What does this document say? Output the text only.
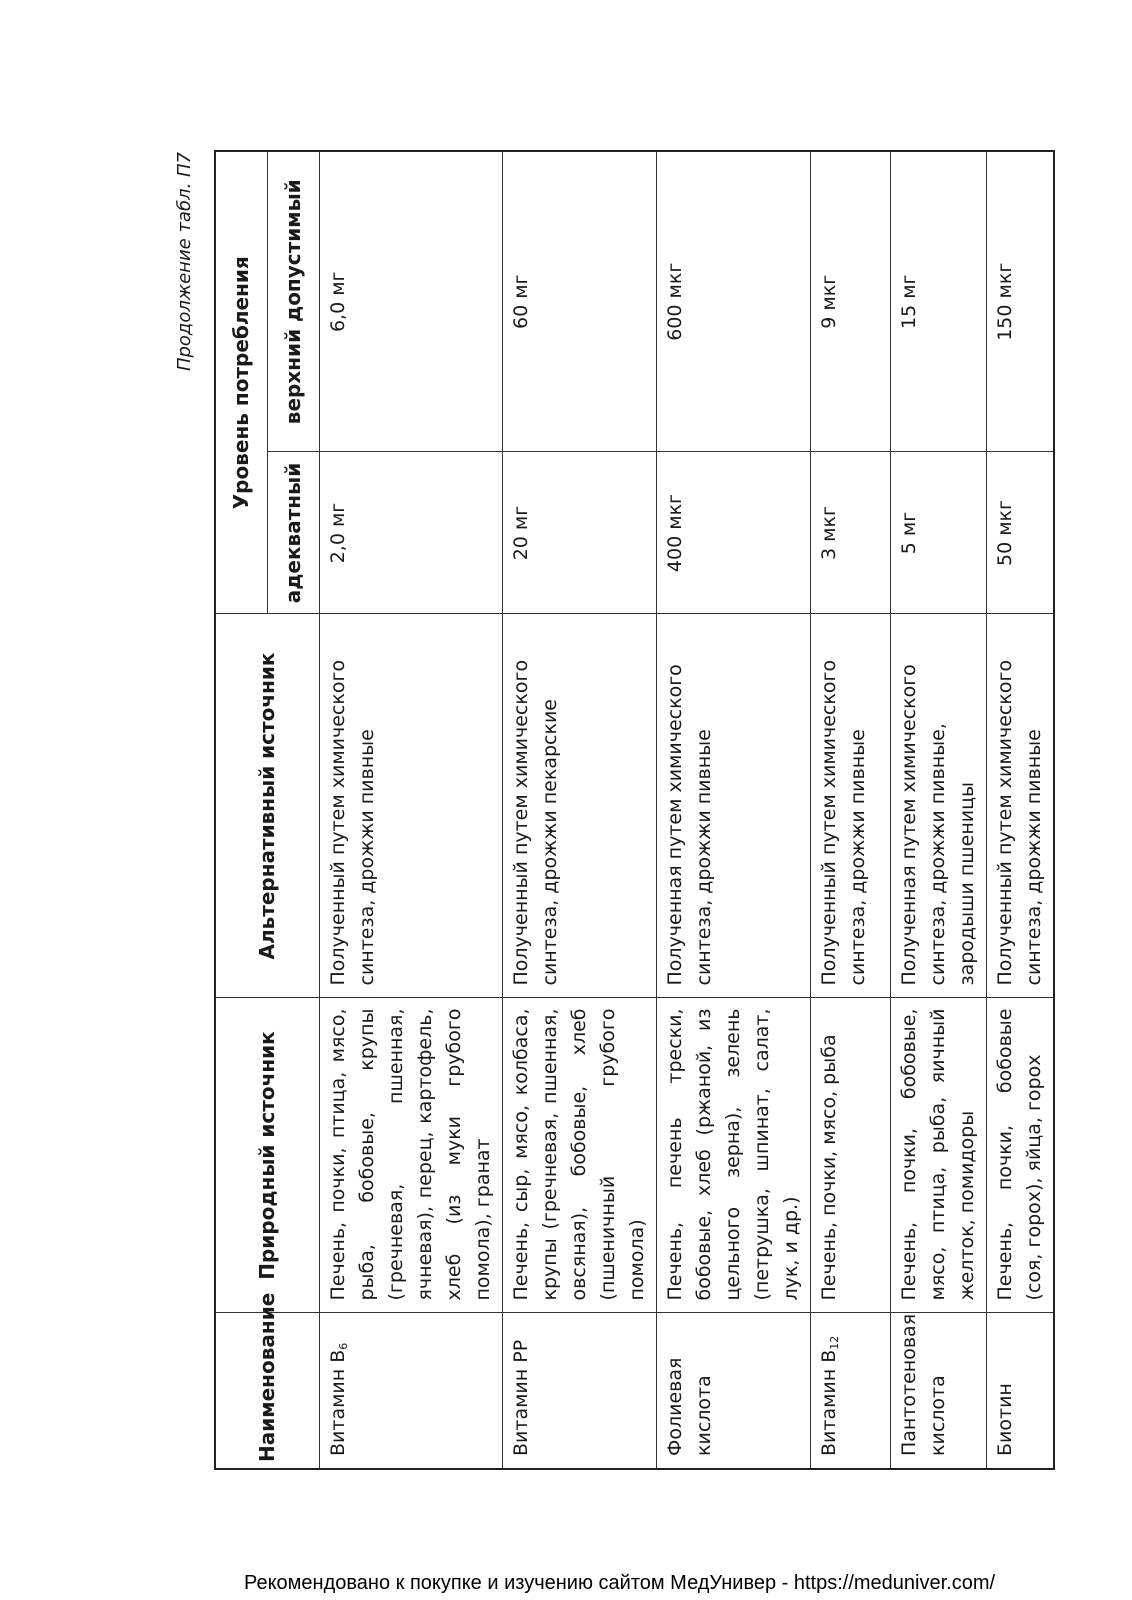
Продолжение табл. П7
Наименование	Природный источник	Альтернативный источник	Уровень потребления	
			адекватный	верхний допустимый
Витамин $B_6$	Печень, почки, птица, мясо, рыба, бобовые, крупы (гречневая, пшенная, ячневая), перец, картофель, хлеб (из муки грубого помола), гранат	Полученный путем химического синтеза, дрожжи пивные	2,0 мг	6,0 мг
Витамин PP	Печень, сыр, мясо, колбаса, крупы (гречневая, пшенная, овсяная), бобовые, хлеб (пшеничный грубого помола)	Полученный путем химического синтеза, дрожжи пекарские	20 мг	60 мг
Фолиевая кислота	Печень, печень трески, бобовые, хлеб (ржаной, из цельного зерна), зелень (петрушка, шпинат, салат, лук, и др.)	Полученная путем химического синтеза, дрожжи пивные	400 мкг	600 мкг
Витамин $B_{12}$	Печень, почки, мясо, рыба	Полученный путем химического синтеза, дрожжи пивные	3 мкг	9 мкг
Пантотеновая кислота	Печень, почки, бобовые, мясо, птица, рыба, яичный желток, помидоры	Полученная путем химического синтеза, дрожжи пивные, зародыши пшеницы	5 мг	15 мг
Биотин	Печень, почки, бобовые (соя, горох), яйца, горох	Полученный путем химического синтеза, дрожжи пивные	50 мкг	150 мкг
Рекомендовано к покупке и изучению сайтом МедУнивер - https://meduniver.com/
